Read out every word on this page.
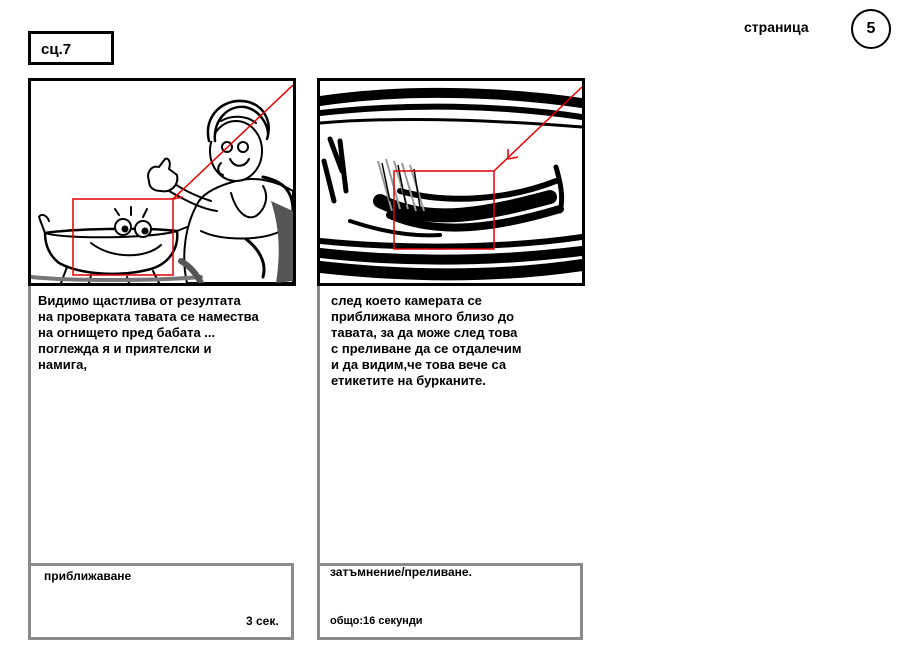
сц.7
страница	5
Видимо щастлива от резултата
на проверката тавата се намества
на огнището пред бабата ...
поглежда я и приятелски и
намига,
след което камерата се
приближава много близо до
тавата, за да може след това
с преливане да се отдалечим
и да видим,че това вече са
етикетите на бурканите.
приближаване
3 сек.
затъмнение/преливане.
общо:16 секунди
